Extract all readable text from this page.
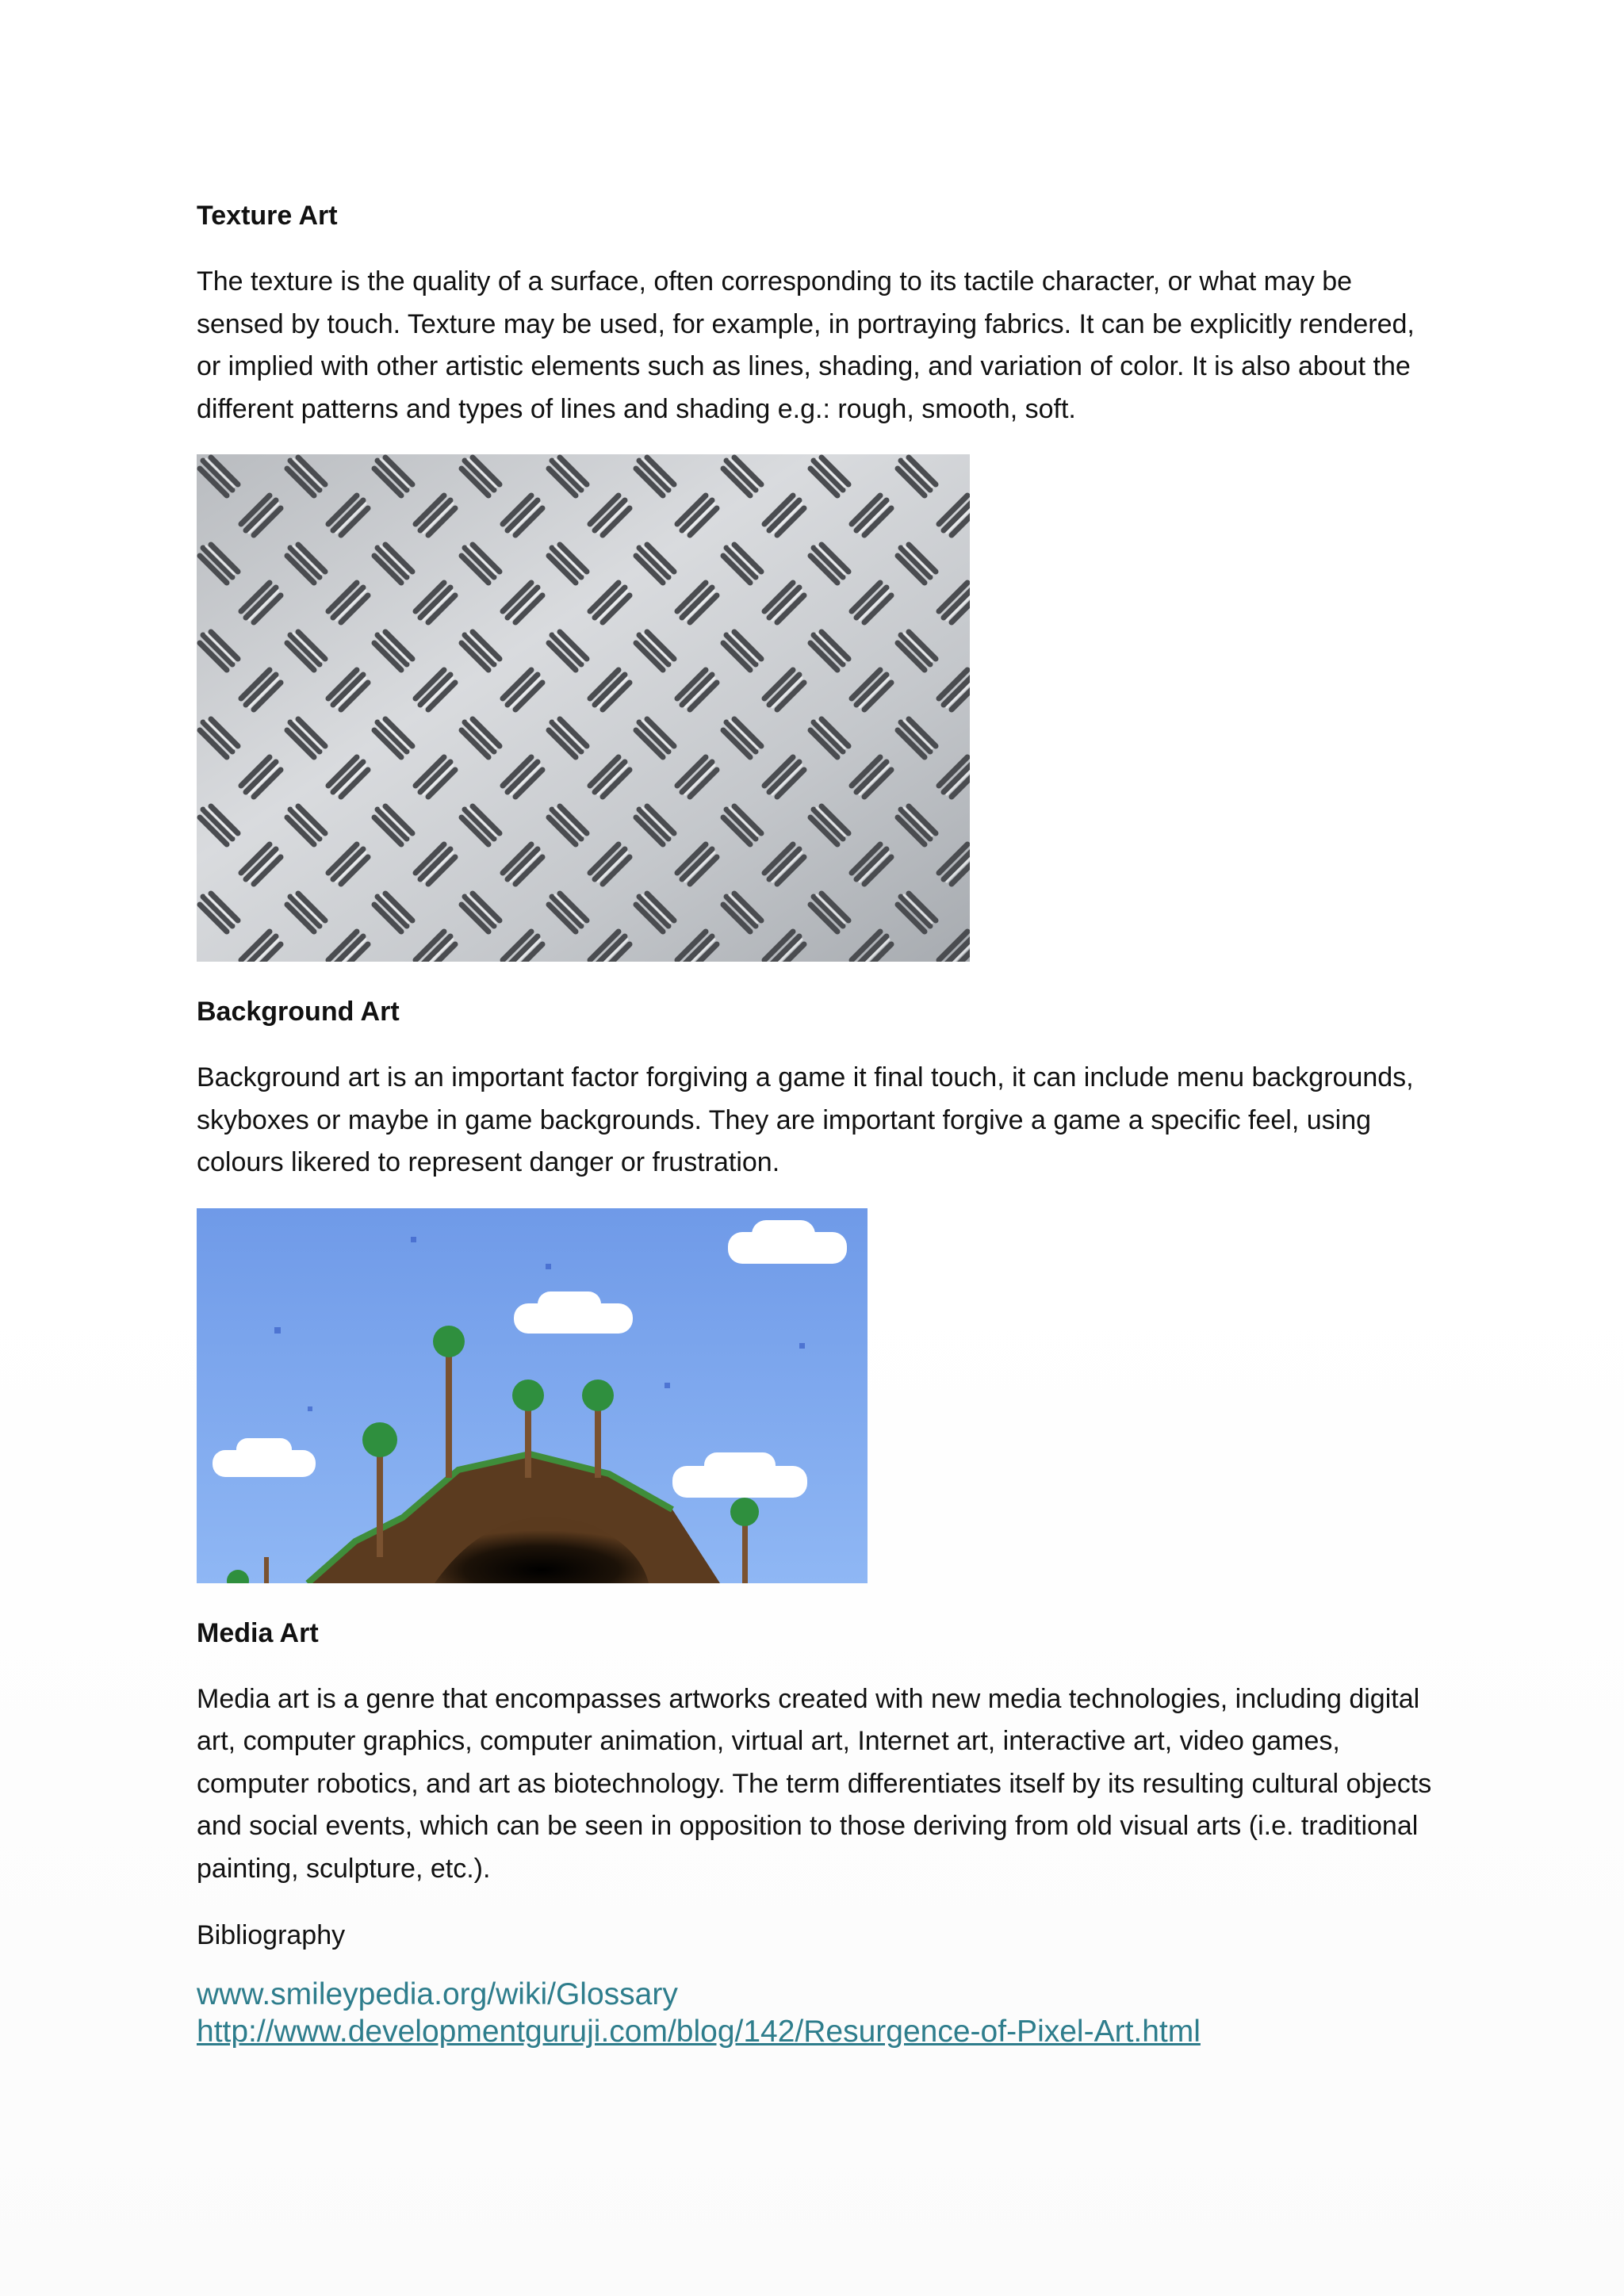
Texture Art

The texture is the quality of a surface, often corresponding to its tactile character, or what may be sensed by touch. Texture may be used, for example, in portraying fabrics. It can be explicitly rendered, or implied with other artistic elements such as lines, shading, and variation of color. It is also about the different patterns and types of lines and shading e.g.: rough, smooth, soft.

Background Art

Background art is an important factor forgiving a game it final touch, it can include menu backgrounds, skyboxes or maybe in game backgrounds. They are important forgive a game a specific feel, using colours likered to represent danger or frustration.

Media Art

Media art is a genre that encompasses artworks created with new media technologies, including digital art, computer graphics, computer animation, virtual art, Internet art, interactive art, video games, computer robotics, and art as biotechnology. The term differentiates itself by its resulting cultural objects and social events, which can be seen in opposition to those deriving from old visual arts (i.e. traditional painting, sculpture, etc.).

Bibliography

www.smileypedia.org/wiki/Glossary
http://www.developmentguruji.com/blog/142/Resurgence-of-Pixel-Art.html
